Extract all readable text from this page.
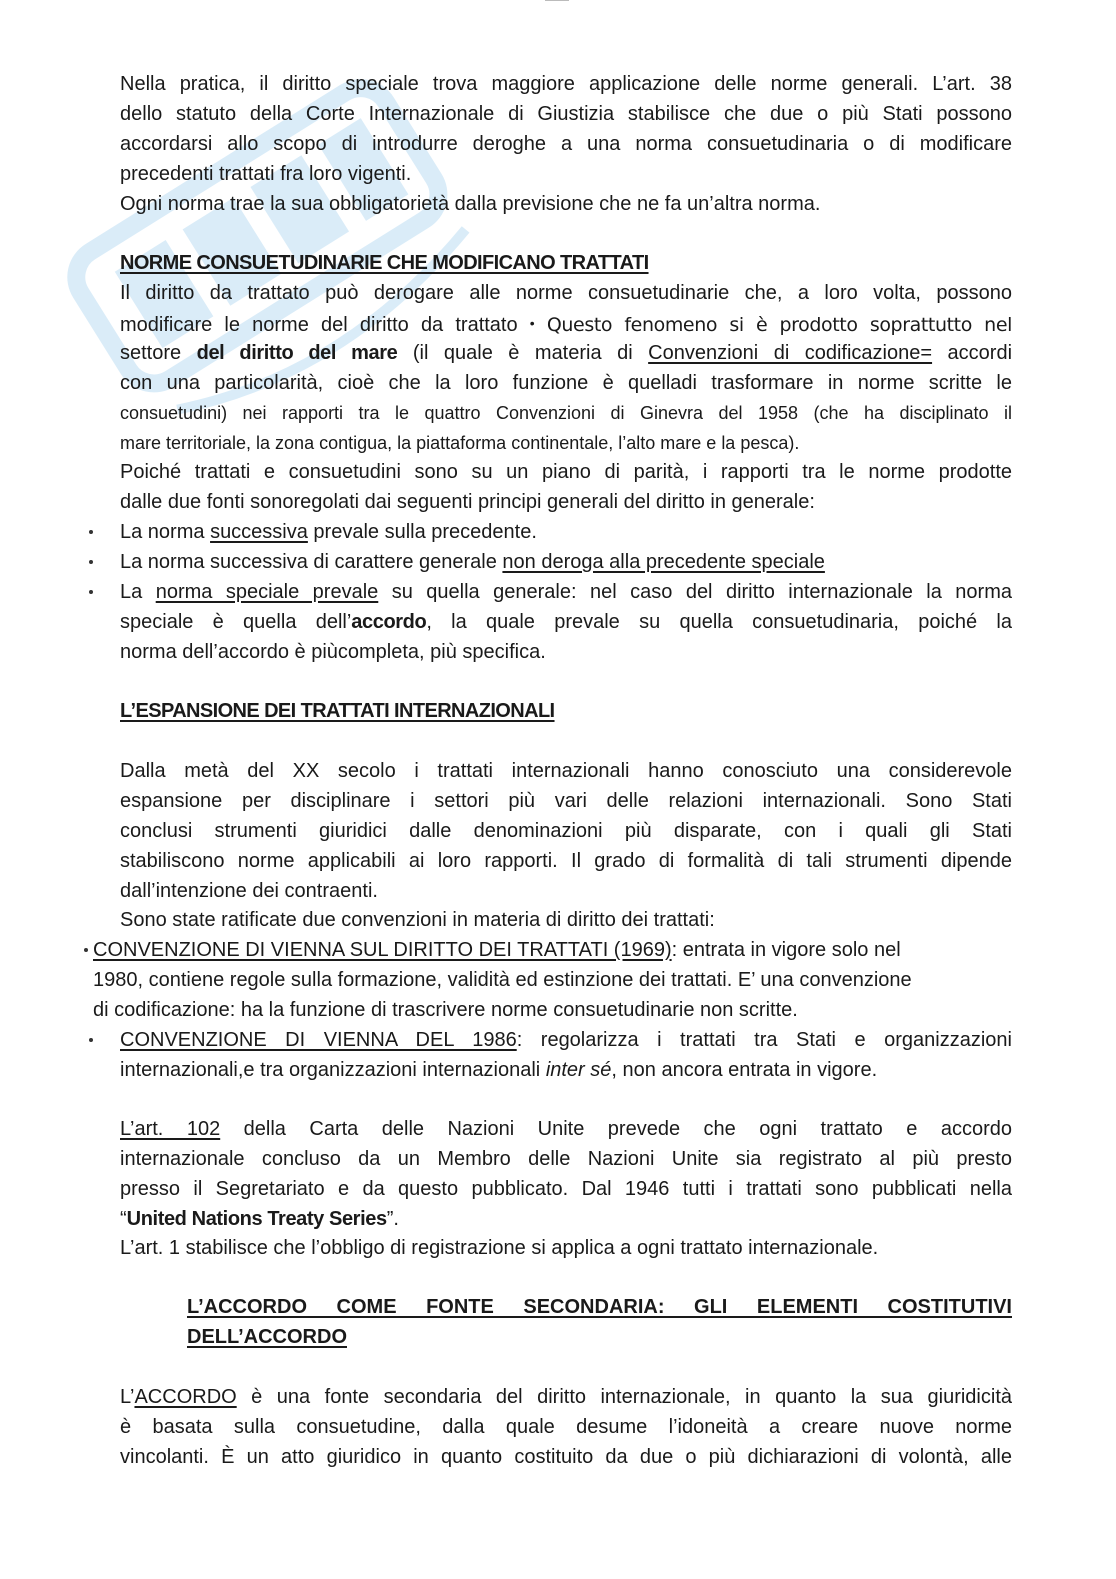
Nella pratica, il diritto speciale trova maggiore applicazione delle norme generali. L’art. 38
dello statuto della Corte Internazionale di Giustizia stabilisce che due o più Stati possono
accordarsi allo scopo di introdurre deroghe a una norma consuetudinaria o di modificare
precedenti trattati fra loro vigenti.
Ogni norma trae la sua obbligatorietà dalla previsione che ne fa un’altra norma.
NORME CONSUETUDINARIE CHE MODIFICANO TRATTATI
Il diritto da trattato può derogare alle norme consuetudinarie che, a loro volta, possono
modificare le norme del diritto da trattato • Questo fenomeno si è prodotto soprattutto nel
settore del diritto del mare (il quale è materia di Convenzioni di codificazione= accordi
con una particolarità, cioè che la loro funzione è quelladi trasformare in norme scritte le
consuetudini) nei rapporti tra le quattro Convenzioni di Ginevra del 1958 (che ha disciplinato il
mare territoriale, la zona contigua, la piattaforma continentale, l’alto mare e la pesca).
Poiché trattati e consuetudini sono su un piano di parità, i rapporti tra le norme prodotte
dalle due fonti sonoregolati dai seguenti principi generali del diritto in generale:
La norma successiva prevale sulla precedente.
La norma successiva di carattere generale non deroga alla precedente speciale
La norma speciale prevale su quella generale: nel caso del diritto internazionale la norma
speciale è quella dell’accordo, la quale prevale su quella consuetudinaria, poiché la
norma dell’accordo è piùcompleta, più specifica.
L’ESPANSIONE DEI TRATTATI INTERNAZIONALI
Dalla metà del XX secolo i trattati internazionali hanno conosciuto una considerevole
espansione per disciplinare i settori più vari delle relazioni internazionali. Sono Stati
conclusi strumenti giuridici dalle denominazioni più disparate, con i quali gli Stati
stabiliscono norme applicabili ai loro rapporti. Il grado di formalità di tali strumenti dipende
dall’intenzione dei contraenti.
Sono state ratificate due convenzioni in materia di diritto dei trattati:
CONVENZIONE DI VIENNA SUL DIRITTO DEI TRATTATI (1969): entrata in vigore solo nel
1980, contiene regole sulla formazione, validità ed estinzione dei trattati. E’ una convenzione
di codificazione: ha la funzione di trascrivere norme consuetudinarie non scritte.
CONVENZIONE DI VIENNA DEL 1986: regolarizza i trattati tra Stati e organizzazioni
internazionali,e tra organizzazioni internazionali inter sé, non ancora entrata in vigore.
L’art. 102 della Carta delle Nazioni Unite prevede che ogni trattato e accordo
internazionale concluso da un Membro delle Nazioni Unite sia registrato al più presto
presso il Segretariato e da questo pubblicato. Dal 1946 tutti i trattati sono pubblicati nella
“United Nations Treaty Series”.
L’art. 1 stabilisce che l’obbligo di registrazione si applica a ogni trattato internazionale.
L’ACCORDO COME FONTE SECONDARIA: GLI ELEMENTI COSTITUTIVI
DELL’ACCORDO
L’ACCORDO è una fonte secondaria del diritto internazionale, in quanto la sua giuridicità
è basata sulla consuetudine, dalla quale desume l’idoneità a creare nuove norme
vincolanti. È un atto giuridico in quanto costituito da due o più dichiarazioni di volontà, alle
